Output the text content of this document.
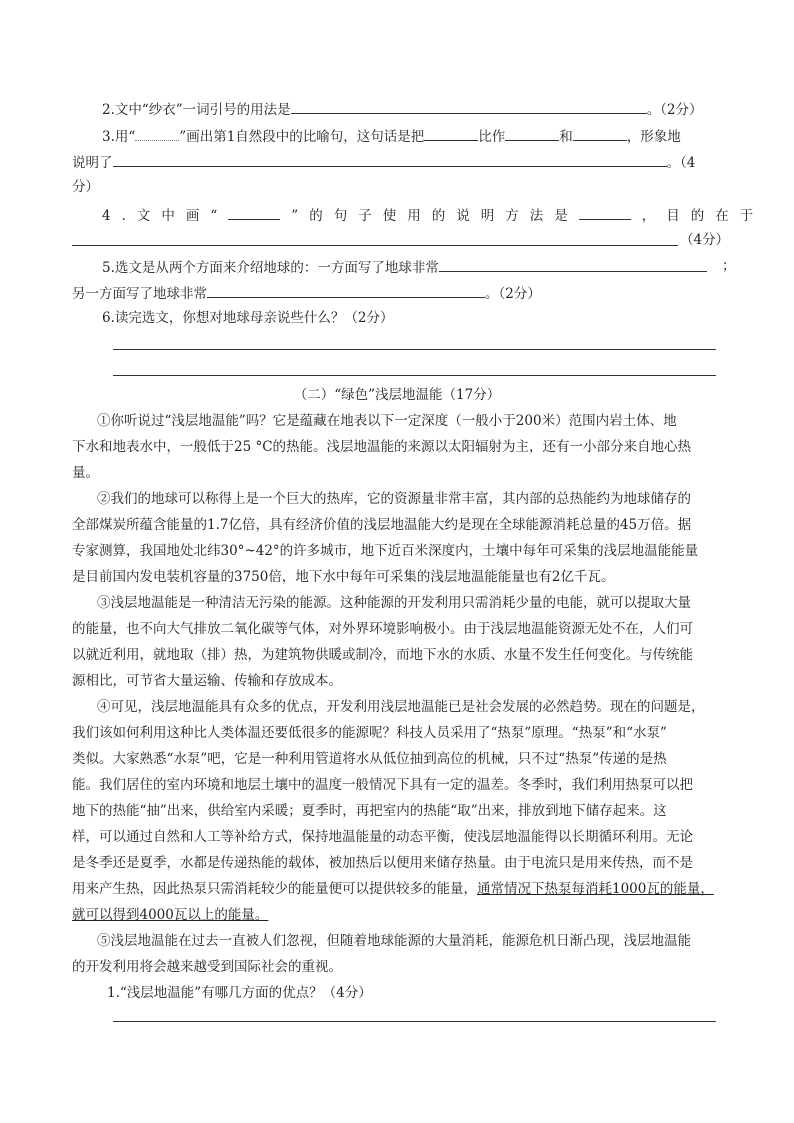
2.文中“纱衣”一词引号的用法是	。（2分）
3.用“	”画出第1自然段中的比喻句，这句话是把	比作	和	，形象地
说明了	。（4
分）
4.文中画“	”的句子使用的说明方法是	，目的在于
（4分）
5.选文是从两个方面来介绍地球的：一方面写了地球非常	；
另一方面写了地球非常	。（2分）
6.读完选文，你想对地球母亲说些什么？（2分）
（二）“绿色”浅层地温能（17分）
①你听说过“浅层地温能”吗？它是蕴藏在地表以下一定深度（一般小于200米）范围内岩土体、地
下水和地表水中，一般低于25 °C的热能。浅层地温能的来源以太阳辐射为主，还有一小部分来自地心热
量。
②我们的地球可以称得上是一个巨大的热库，它的资源量非常丰富，其内部的总热能约为地球储存的
全部煤炭所蕴含能量的1.7亿倍，具有经济价值的浅层地温能大约是现在全球能源消耗总量的45万倍。据
专家测算，我国地处北纬30°~42°的许多城市，地下近百米深度内，土壤中每年可采集的浅层地温能能量
是目前国内发电装机容量的3750倍，地下水中每年可采集的浅层地温能能量也有2亿千瓦。
③浅层地温能是一种清洁无污染的能源。这种能源的开发利用只需消耗少量的电能，就可以提取大量
的能量，也不向大气排放二氧化碳等气体，对外界环境影响极小。由于浅层地温能资源无处不在，人们可
以就近利用，就地取（排）热，为建筑物供暖或制冷，而地下水的水质、水量不发生任何变化。与传统能
源相比，可节省大量运输、传输和存放成本。
④可见，浅层地温能具有众多的优点，开发利用浅层地温能已是社会发展的必然趋势。现在的问题是，
我们该如何利用这种比人类体温还要低很多的能源呢？科技人员采用了“热泵”原理。“热泵”和“水泵”
类似。大家熟悉“水泵”吧，它是一种利用管道将水从低位抽到高位的机械，只不过“热泵”传递的是热
能。我们居住的室内环境和地层土壤中的温度一般情况下具有一定的温差。冬季时，我们利用热泵可以把
地下的热能“抽”出来，供给室内采暖；夏季时，再把室内的热能“取”出来，排放到地下储存起来。这
样，可以通过自然和人工等补给方式，保持地温能量的动态平衡，使浅层地温能得以长期循环利用。无论
是冬季还是夏季，水都是传递热能的载体，被加热后以便用来储存热量。由于电流只是用来传热，而不是
用来产生热，因此热泵只需消耗较少的能量便可以提供较多的能量，通常情况下热泵每消耗1000瓦的能量，
就可以得到4000瓦以上的能量。
⑤浅层地温能在过去一直被人们忽视，但随着地球能源的大量消耗，能源危机日渐凸现，浅层地温能
的开发利用将会越来越受到国际社会的重视。
1.“浅层地温能”有哪几方面的优点？（4分）
